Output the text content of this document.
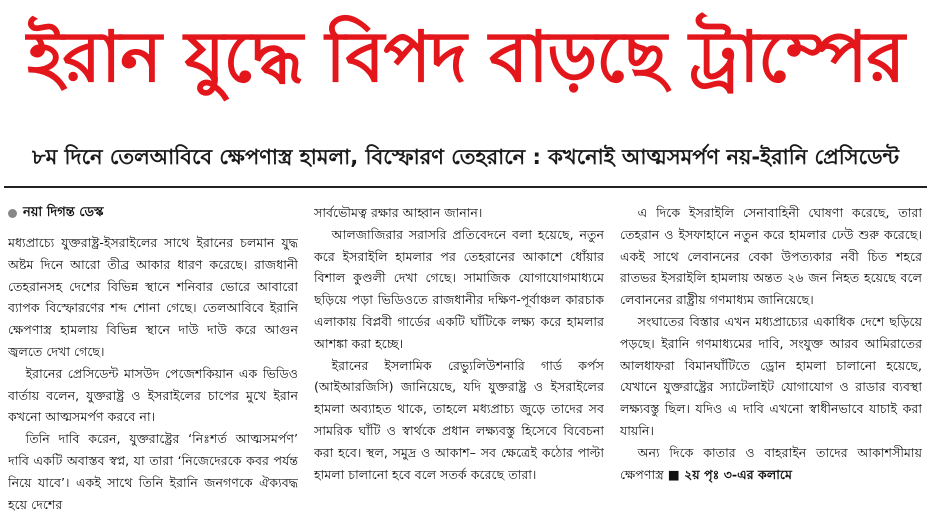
ইরান যুদ্ধে বিপদ বাড়ছে ট্রাম্পের
৮ম দিনে তেলআবিবে ক্ষেপণাস্ত্র হামলা, বিস্ফোরণ তেহরানে : কখনোই আত্মসমর্পণ নয়-ইরানি প্রেসিডেন্ট
নয়া দিগন্ত ডেস্ক

মধ্যপ্রাচ্যে যুক্তরাষ্ট্র-ইসরাইলের সাথে ইরানের চলমান যুদ্ধ অষ্টম দিনে আরো তীব্র আকার ধারণ করেছে। রাজধানী তেহরানসহ দেশের বিভিন্ন স্থানে শনিবার ভোরে আবারো ব্যাপক বিস্ফোরণের শব্দ শোনা গেছে। তেলআবিবে ইরানি ক্ষেপণাস্ত্র হামলায় বিভিন্ন স্থানে দাউ দাউ করে আগুন জ্বলতে দেখা গেছে।

ইরানের প্রেসিডেন্ট মাসউদ পেজেশকিয়ান এক ভিডিও বার্তায় বলেন, যুক্তরাষ্ট্র ও ইসরাইলের চাপের মুখে ইরান কখনো আত্মসমর্পণ করবে না।

তিনি দাবি করেন, যুক্তরাষ্ট্রের ‘নিঃশর্ত আত্মসমর্পণ’ দাবি একটি অবাস্তব স্বপ্ন, যা তারা ‘নিজেদেরকে কবর পর্যন্ত নিয়ে যাবে’। একই সাথে তিনি ইরানি জনগণকে ঐক্যবদ্ধ হয়ে দেশের

সার্বভৌমত্ব রক্ষার আহ্বান জানান।

আলজাজিরার সরাসরি প্রতিবেদনে বলা হয়েছে, নতুন করে ইসরাইলি হামলার পর তেহরানের আকাশে ধোঁয়ার বিশাল কুণ্ডলী দেখা গেছে। সামাজিক যোগাযোগমাধ্যমে ছড়িয়ে পড়া ভিডিওতে রাজধানীর দক্ষিণ-পূর্বাঞ্চল কারচাক এলাকায় বিপ্লবী গার্ডের একটি ঘাঁটিকে লক্ষ্য করে হামলার আশঙ্কা করা হচ্ছে।

ইরানের ইসলামিক রেভ্যুলিউশনারি গার্ড কর্পস (আইআরজিসি) জানিয়েছে, যদি যুক্তরাষ্ট্র ও ইসরাইলের হামলা অব্যাহত থাকে, তাহলে মধ্যপ্রাচ্য জুড়ে তাদের সব সামরিক ঘাঁটি ও স্বার্থকে প্রধান লক্ষ্যবস্তু হিসেবে বিবেচনা করা হবে। স্থল, সমুদ্র ও আকাশ– সব ক্ষেত্রেই কঠোর পাল্টা হামলা চালানো হবে বলে সতর্ক করেছে তারা।

এ দিকে ইসরাইলি সেনাবাহিনী ঘোষণা করেছে, তারা তেহরান ও ইসফাহানে নতুন করে হামলার ঢেউ শুরু করেছে। একই সাথে লেবাননের বেকা উপত্যকার নবী চিত শহরে রাতভর ইসরাইলি হামলায় অন্তত ২৬ জন নিহত হয়েছে বলে লেবাননের রাষ্ট্রীয় গণমাধ্যম জানিয়েছে।

সংঘাতের বিস্তার এখন মধ্যপ্রাচ্যের একাধিক দেশে ছড়িয়ে পড়ছে। ইরানি গণমাধ্যমের দাবি, সংযুক্ত আরব আমিরাতের আলধাফরা বিমানঘাঁটিতে ড্রোন হামলা চালানো হয়েছে, যেখানে যুক্তরাষ্ট্রের স্যাটেলাইট যোগাযোগ ও রাডার ব্যবস্থা লক্ষ্যবস্তু ছিল। যদিও এ দাবি এখনো স্বাধীনভাবে যাচাই করা যায়নি।

অন্য দিকে কাতার ও বাহরাইন তাদের আকাশসীমায় ক্ষেপণাস্ত্র ■ ২য় পৃঃ ৩-এর কলামে
